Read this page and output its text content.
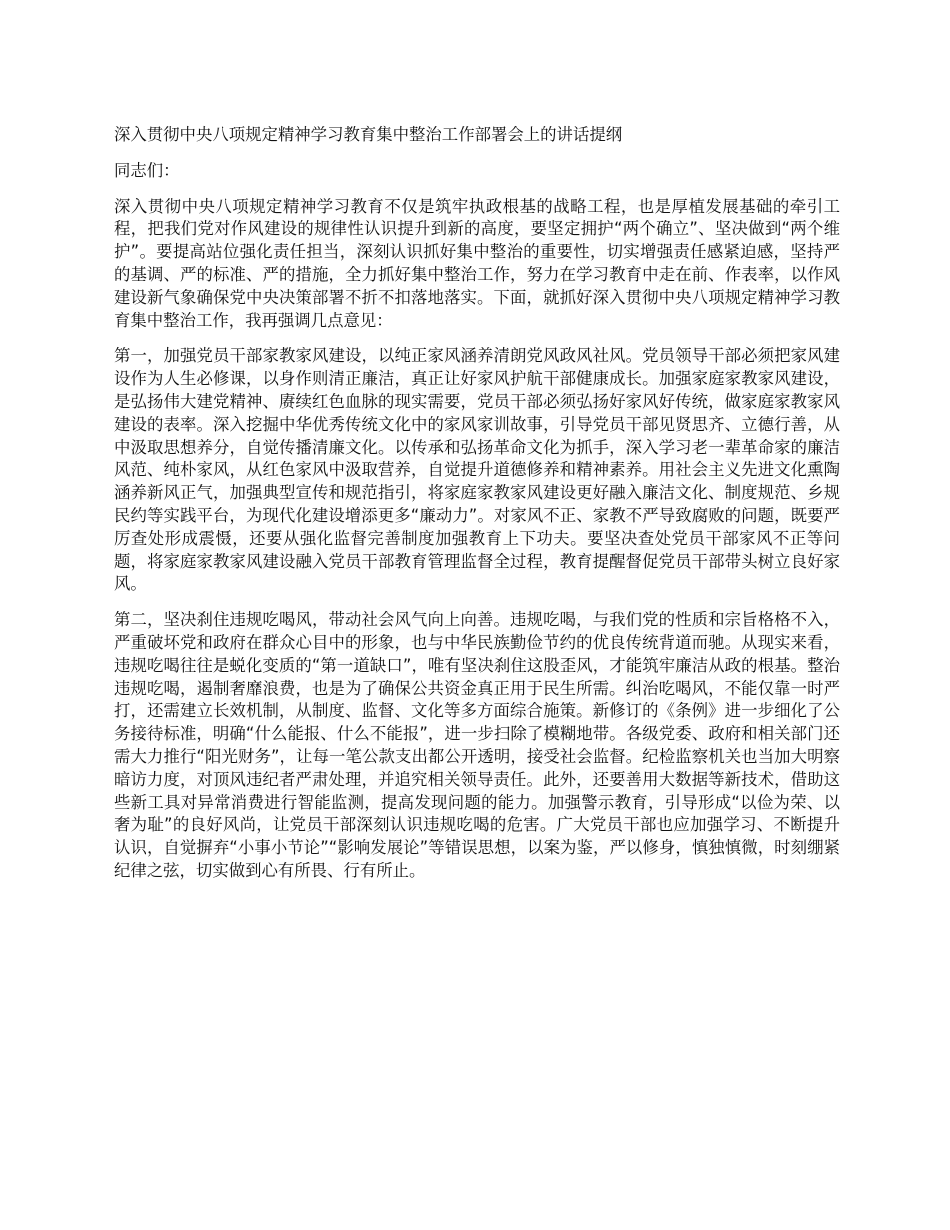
深入贯彻中央八项规定精神学习教育集中整治工作部署会上的讲话提纲

同志们：

深入贯彻中央八项规定精神学习教育不仅是筑牢执政根基的战略工程，也是厚植发展基础的牵引工程，把我们党对作风建设的规律性认识提升到新的高度，要坚定拥护“两个确立”、坚决做到“两个维护”。要提高站位强化责任担当，深刻认识抓好集中整治的重要性，切实增强责任感紧迫感，坚持严的基调、严的标准、严的措施，全力抓好集中整治工作，努力在学习教育中走在前、作表率，以作风建设新气象确保党中央决策部署不折不扣落地落实。下面，就抓好深入贯彻中央八项规定精神学习教育集中整治工作，我再强调几点意见：

第一，加强党员干部家教家风建设，以纯正家风涵养清朗党风政风社风。党员领导干部必须把家风建设作为人生必修课，以身作则清正廉洁，真正让好家风护航干部健康成长。加强家庭家教家风建设，是弘扬伟大建党精神、赓续红色血脉的现实需要，党员干部必须弘扬好家风好传统，做家庭家教家风建设的表率。深入挖掘中华优秀传统文化中的家风家训故事，引导党员干部见贤思齐、立德行善，从中汲取思想养分，自觉传播清廉文化。以传承和弘扬革命文化为抓手，深入学习老一辈革命家的廉洁风范、纯朴家风，从红色家风中汲取营养，自觉提升道德修养和精神素养。用社会主义先进文化熏陶涵养新风正气，加强典型宣传和规范指引，将家庭家教家风建设更好融入廉洁文化、制度规范、乡规民约等实践平台，为现代化建设增添更多“廉动力”。对家风不正、家教不严导致腐败的问题，既要严厉查处形成震慑，还要从强化监督完善制度加强教育上下功夫。要坚决查处党员干部家风不正等问题，将家庭家教家风建设融入党员干部教育管理监督全过程，教育提醒督促党员干部带头树立良好家风。

第二，坚决刹住违规吃喝风，带动社会风气向上向善。违规吃喝，与我们党的性质和宗旨格格不入，严重破坏党和政府在群众心目中的形象，也与中华民族勤俭节约的优良传统背道而驰。从现实来看，违规吃喝往往是蜕化变质的“第一道缺口”，唯有坚决刹住这股歪风，才能筑牢廉洁从政的根基。整治违规吃喝，遏制奢靡浪费，也是为了确保公共资金真正用于民生所需。纠治吃喝风，不能仅靠一时严打，还需建立长效机制，从制度、监督、文化等多方面综合施策。新修订的《条例》进一步细化了公务接待标准，明确“什么能报、什么不能报”，进一步扫除了模糊地带。各级党委、政府和相关部门还需大力推行“阳光财务”，让每一笔公款支出都公开透明，接受社会监督。纪检监察机关也当加大明察暗访力度，对顶风违纪者严肃处理，并追究相关领导责任。此外，还要善用大数据等新技术，借助这些新工具对异常消费进行智能监测，提高发现问题的能力。加强警示教育，引导形成“以俭为荣、以奢为耻”的良好风尚，让党员干部深刻认识违规吃喝的危害。广大党员干部也应加强学习、不断提升认识，自觉摒弃“小事小节论”“影响发展论”等错误思想，以案为鉴，严以修身，慎独慎微，时刻绷紧纪律之弦，切实做到心有所畏、行有所止。
